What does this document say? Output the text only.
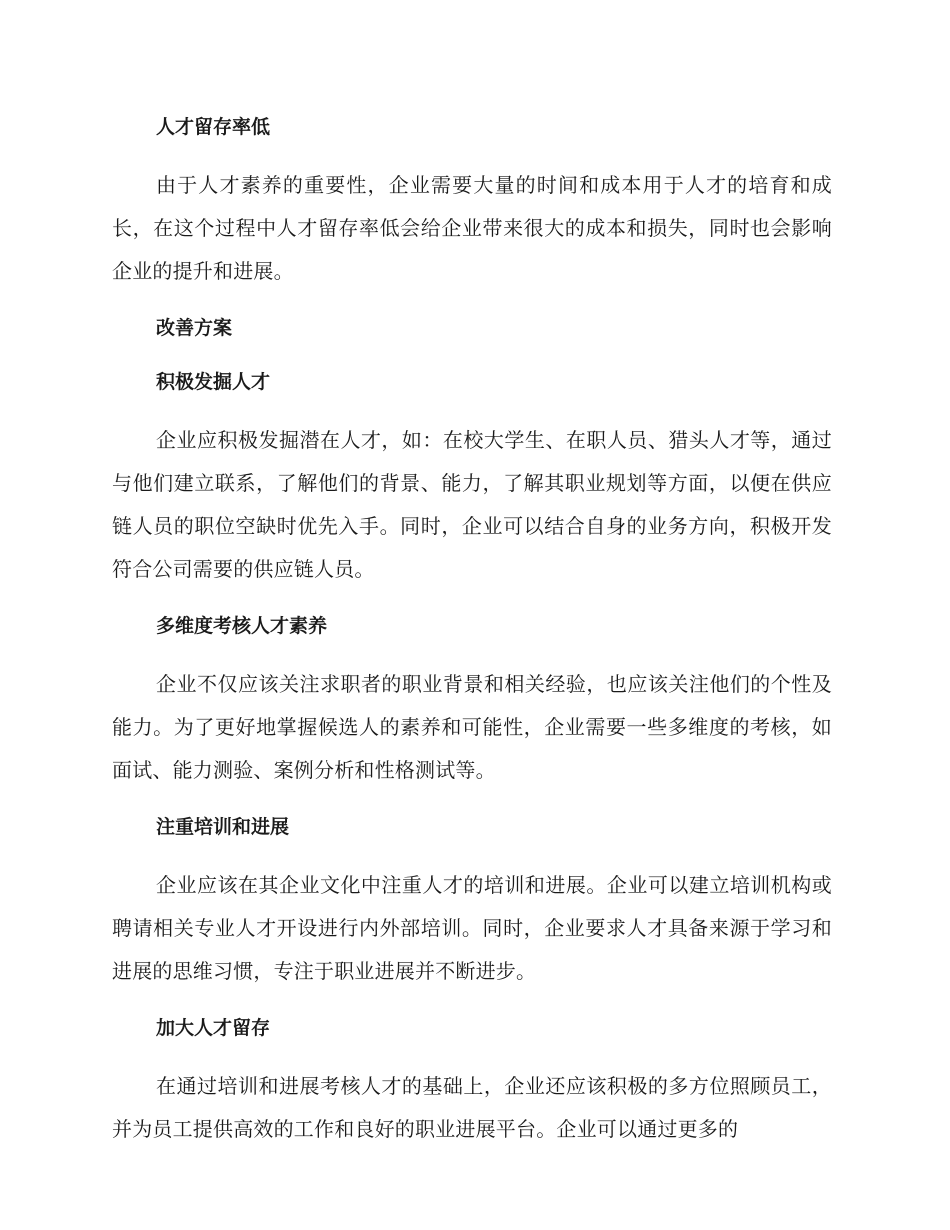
人才留存率低

由于人才素养的重要性，企业需要大量的时间和成本用于人才的培育和成长，在这个过程中人才留存率低会给企业带来很大的成本和损失，同时也会影响企业的提升和进展。

改善方案
积极发掘人才

企业应积极发掘潜在人才，如：在校大学生、在职人员、猎头人才等，通过与他们建立联系，了解他们的背景、能力，了解其职业规划等方面，以便在供应链人员的职位空缺时优先入手。同时，企业可以结合自身的业务方向，积极开发符合公司需要的供应链人员。

多维度考核人才素养

企业不仅应该关注求职者的职业背景和相关经验，也应该关注他们的个性及能力。为了更好地掌握候选人的素养和可能性，企业需要一些多维度的考核，如面试、能力测验、案例分析和性格测试等。

注重培训和进展

企业应该在其企业文化中注重人才的培训和进展。企业可以建立培训机构或聘请相关专业人才开设进行内外部培训。同时，企业要求人才具备来源于学习和进展的思维习惯，专注于职业进展并不断进步。

加大人才留存

在通过培训和进展考核人才的基础上，企业还应该积极的多方位照顾员工，并为员工提供高效的工作和良好的职业进展平台。企业可以通过更多的
